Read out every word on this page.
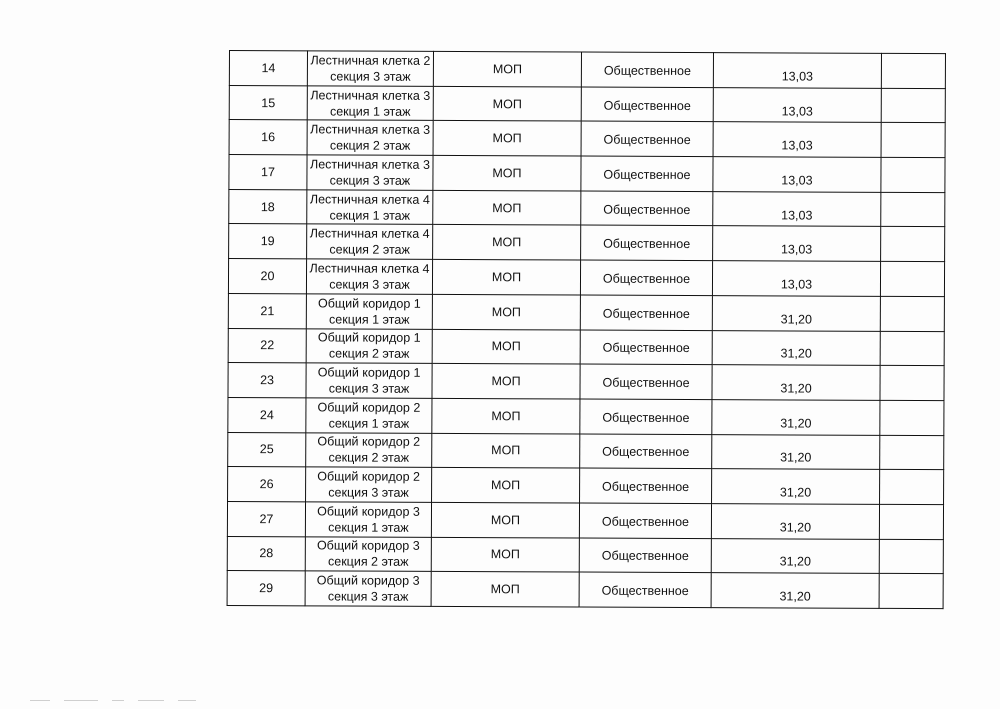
14	Лестничная клетка 2
секция 3 этаж	МОП	Общественное	13,03	
15	Лестничная клетка 3
секция 1 этаж	МОП	Общественное	13,03	
16	Лестничная клетка 3
секция 2 этаж	МОП	Общественное	13,03	
17	Лестничная клетка 3
секция 3 этаж	МОП	Общественное	13,03	
18	Лестничная клетка 4
секция 1 этаж	МОП	Общественное	13,03	
19	Лестничная клетка 4
секция 2 этаж	МОП	Общественное	13,03	
20	Лестничная клетка 4
секция 3 этаж	МОП	Общественное	13,03	
21	Общий коридор 1
секция 1 этаж	МОП	Общественное	31,20	
22	Общий коридор 1
секция 2 этаж	МОП	Общественное	31,20	
23	Общий коридор 1
секция 3 этаж	МОП	Общественное	31,20	
24	Общий коридор 2
секция 1 этаж	МОП	Общественное	31,20	
25	Общий коридор 2
секция 2 этаж	МОП	Общественное	31,20	
26	Общий коридор 2
секция 3 этаж	МОП	Общественное	31,20	
27	Общий коридор 3
секция 1 этаж	МОП	Общественное	31,20	
28	Общий коридор 3
секция 2 этаж	МОП	Общественное	31,20	
29	Общий коридор 3
секция 3 этаж	МОП	Общественное	31,20	
